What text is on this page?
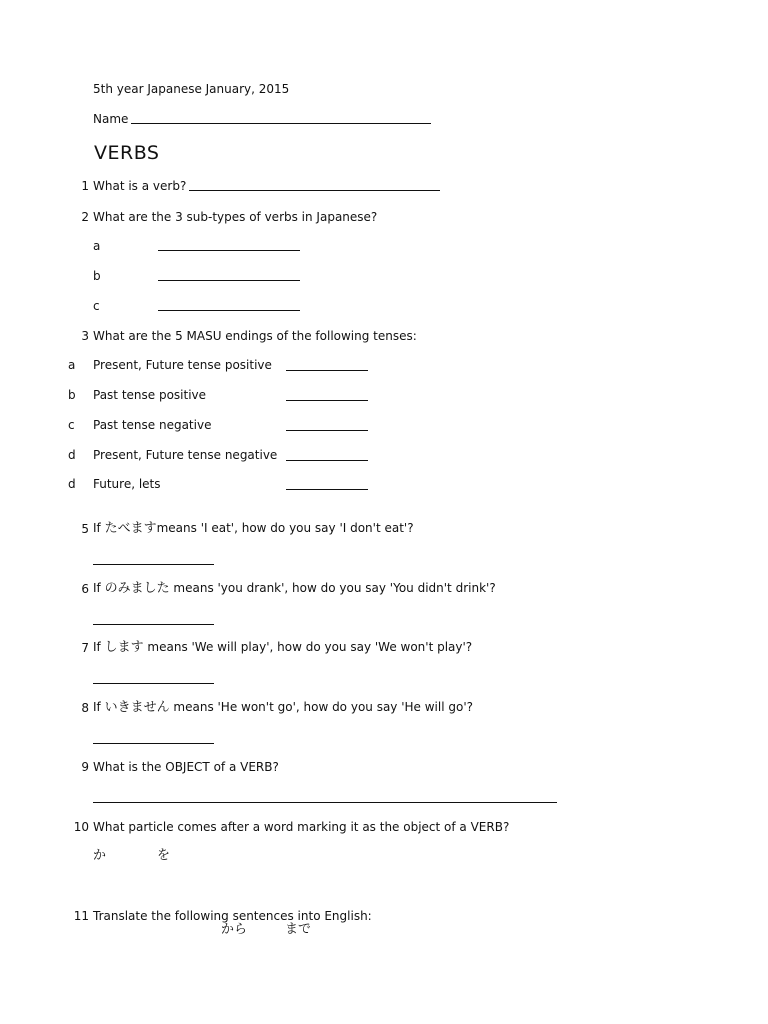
5th year Japanese January, 2015
Name
VERBS
1 What is a verb?
2 What are the 3 sub-types of verbs in Japanese?
a
b
c
3 What are the 5 MASU endings of the following tenses:
a Present, Future tense positive
b Past tense positive
c Past tense negative
d Present, Future tense negative
d Future, lets
5 If たべますmeans 'I eat', how do you say 'I don't eat'?
6 If のみました means 'you drank', how do you say 'You didn't drink'?
7 If します means 'We will play', how do you say 'We won't play'?
8 If いきません means 'He won't go', how do you say 'He will go'?
9 What is the OBJECT of a VERB?
10 What particle comes after a word marking it as the object of a VERB?
か	を
11 Translate the following sentences into English:
から	まで
